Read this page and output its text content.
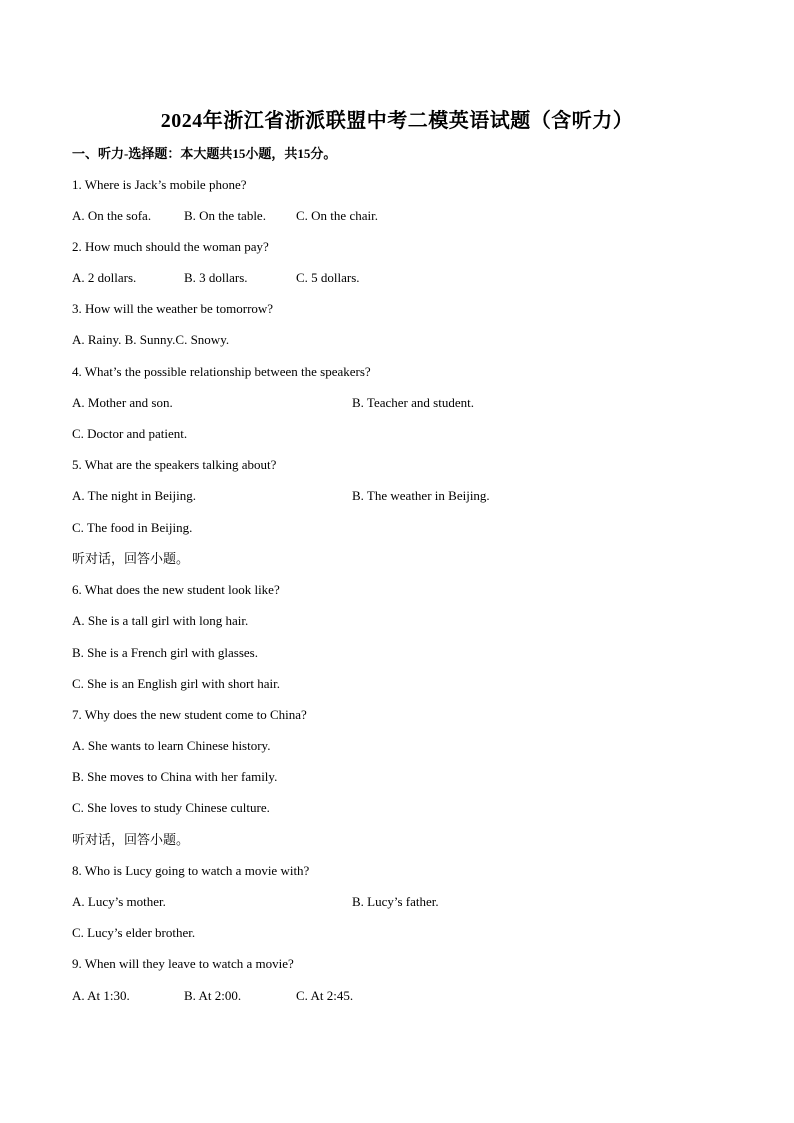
2024年浙江省浙派联盟中考二模英语试题（含听力）
一、听力-选择题：本大题共15小题，共15分。
1. Where is Jack’s mobile phone?
A. On the sofa.	B. On the table. C. On the chair.
2. How much should the woman pay?
A. 2 dollars.	B. 3 dollars.	C. 5 dollars.
3. How will the weather be tomorrow?
A. Rainy. B. Sunny.C. Snowy.
4. What’s the possible relationship between the speakers?
A. Mother and son.	B. Teacher and student.
C. Doctor and patient.
5. What are the speakers talking about?
A. The night in Beijing.	B. The weather in Beijing.
C. The food in Beijing.
听对话，回答小题。
6. What does the new student look like?
A. She is a tall girl with long hair.
B. She is a French girl with glasses.
C. She is an English girl with short hair.
7. Why does the new student come to China?
A. She wants to learn Chinese history.
B. She moves to China with her family.
C. She loves to study Chinese culture.
听对话，回答小题。
8. Who is Lucy going to watch a movie with?
A. Lucy’s mother.	B. Lucy’s father.
C. Lucy’s elder brother.
9. When will they leave to watch a movie?
A. At 1:30.	B. At 2:00.	C. At 2:45.
